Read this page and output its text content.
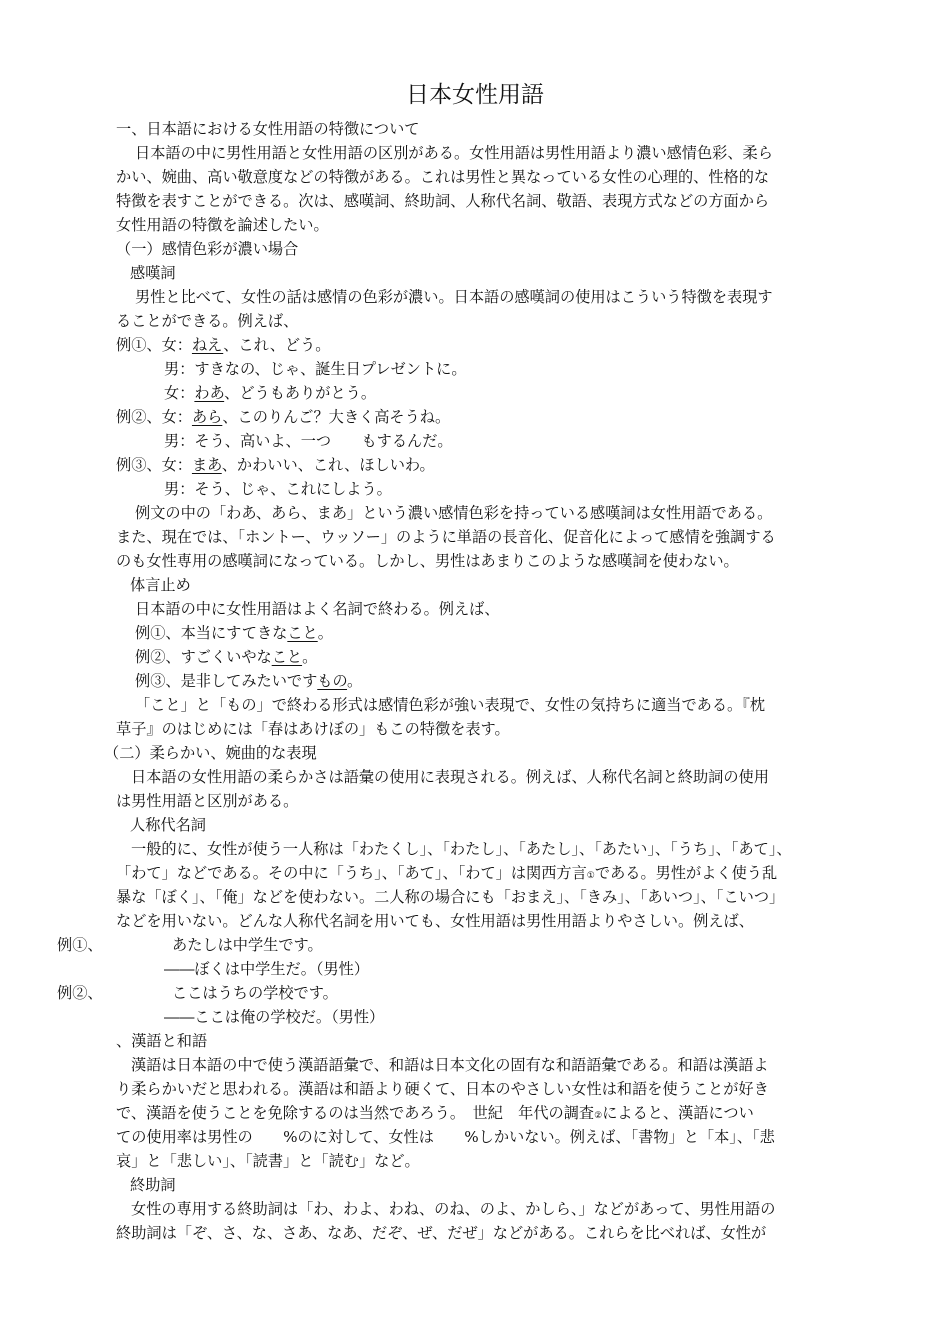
日本女性用語
一、日本語における女性用語の特徴について
日本語の中に男性用語と女性用語の区別がある。女性用語は男性用語より濃い感情色彩、柔ら
かい、婉曲、高い敬意度などの特徴がある。これは男性と異なっている女性の心理的、性格的な
特徴を表すことができる。次は、感嘆詞、終助詞、人称代名詞、敬語、表現方式などの方面から
女性用語の特徴を論述したい。
（一）感情色彩が濃い場合
感嘆詞
男性と比べて、女性の話は感情の色彩が濃い。日本語の感嘆詞の使用はこういう特徴を表現す
ることができる。例えば、
例①、女：ねえ、これ、どう。
男：すきなの、じゃ、誕生日プレゼントに。
女：わあ、どうもありがとう。
例②、女：あら、このりんご？大きく高そうね。
男：そう、高いよ、一つ　　もするんだ。
例③、女：まあ、かわいい、これ、ほしいわ。
男：そう、じゃ、これにしよう。
例文の中の「わあ、あら、まあ」という濃い感情色彩を持っている感嘆詞は女性用語である。
また、現在では、「ホントー、ウッソー」のように単語の長音化、促音化によって感情を強調する
のも女性専用の感嘆詞になっている。しかし、男性はあまりこのような感嘆詞を使わない。
体言止め
日本語の中に女性用語はよく名詞で終わる。例えば、
例①、本当にすてきなこと。
例②、すごくいやなこと。
例③、是非してみたいですもの。
「こと」と「もの」で終わる形式は感情色彩が強い表現で、女性の気持ちに適当である。『枕
草子』のはじめには「春はあけぼの」もこの特徴を表す。
（二）柔らかい、婉曲的な表現
日本語の女性用語の柔らかさは語彙の使用に表現される。例えば、人称代名詞と終助詞の使用
は男性用語と区別がある。
人称代名詞
一般的に、女性が使う一人称は「わたくし」、「わたし」、「あたし」、「あたい」、「うち」、「あて」、
「わて」などである。その中に「うち」、「あて」、「わて」は関西方言①である。男性がよく使う乱
暴な「ぼく」、「俺」などを使わない。二人称の場合にも「おまえ」、「きみ」、「あいつ」、「こいつ」
などを用いない。どんな人称代名詞を用いても、女性用語は男性用語よりやさしい。例えば、
例①、	あたしは中学生です。
――ぼくは中学生だ。（男性）
例②、	ここはうちの学校です。
――ここは俺の学校だ。（男性）
、漢語と和語
漢語は日本語の中で使う漢語語彙で、和語は日本文化の固有な和語語彙である。和語は漢語よ
り柔らかいだと思われる。漢語は和語より硬くて、日本のやさしい女性は和語を使うことが好き
で、漢語を使うことを免除するのは当然であろう。　世紀　年代の調査②によると、漢語につい
ての使用率は男性の　　%のに対して、女性は　　%しかいない。例えば、「書物」と「本」、「悲
哀」と「悲しい」、「読書」と「読む」など。
終助詞
女性の専用する終助詞は「わ、わよ、わね、のね、のよ、かしら、」などがあって、男性用語の
終助詞は「ぞ、さ、な、さあ、なあ、だぞ、ぜ、だぜ」などがある。これらを比べれば、女性が
